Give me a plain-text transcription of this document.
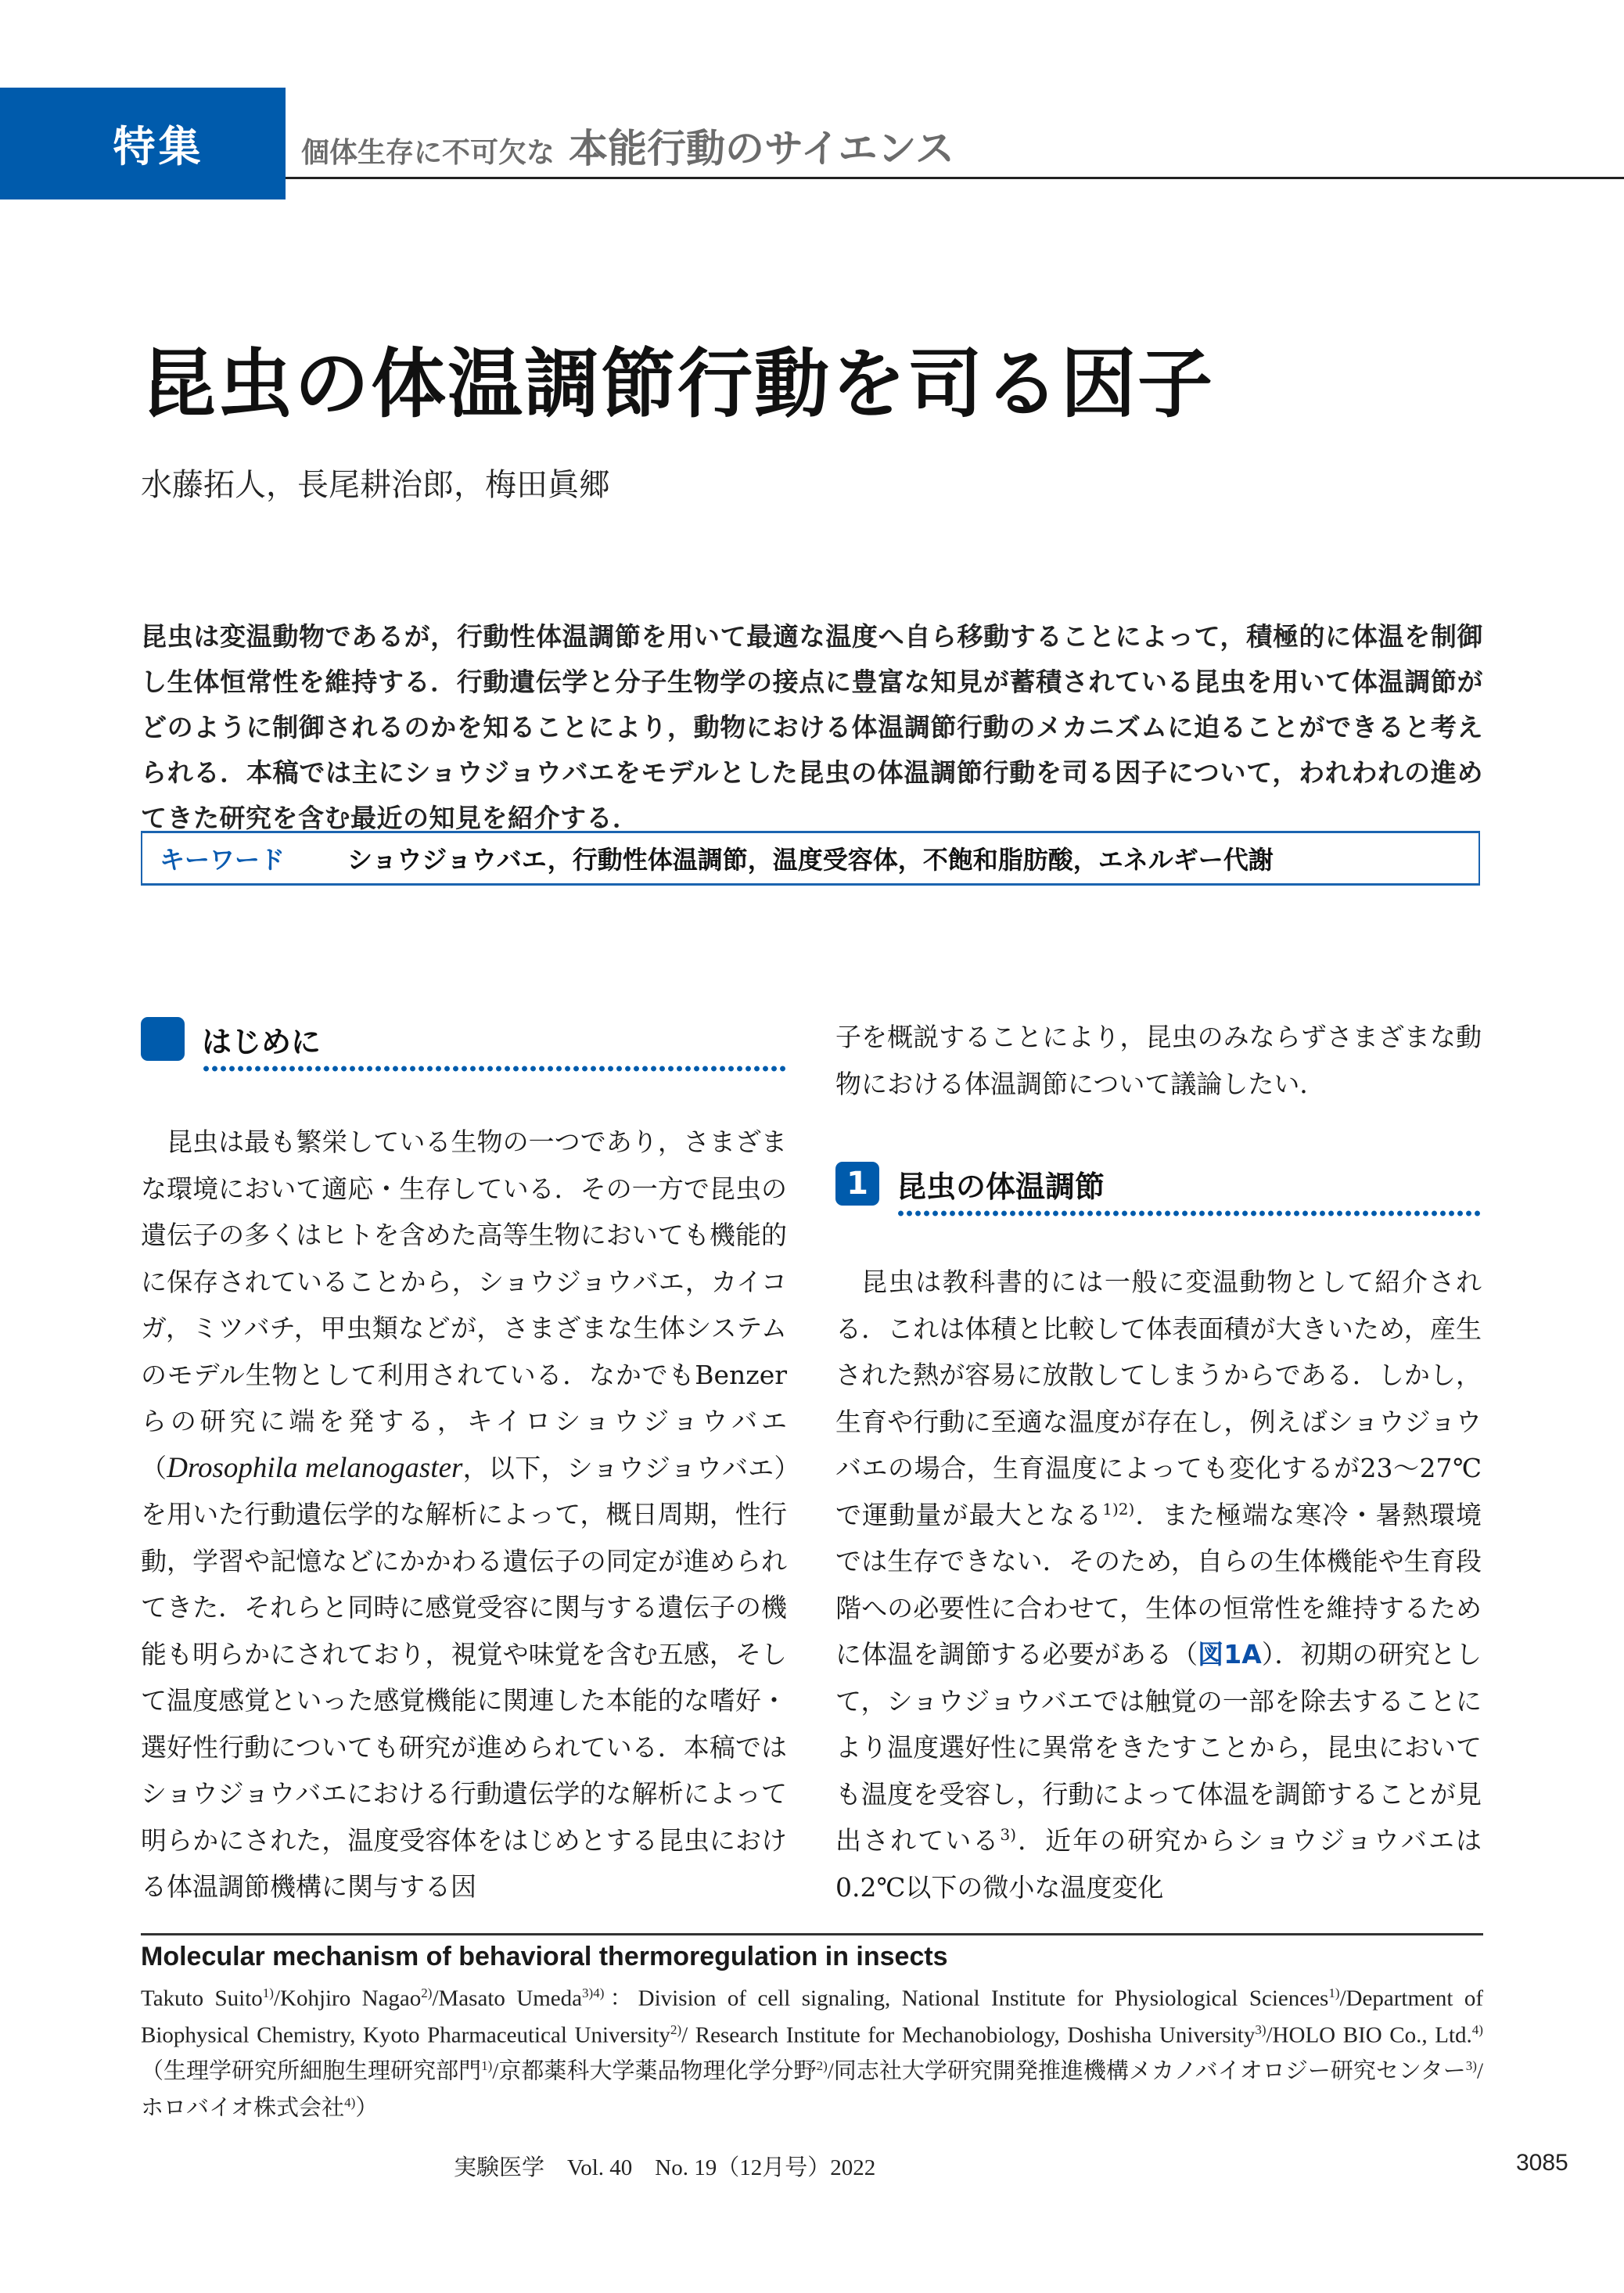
特集	個体生存に不可欠な 本能行動のサイエンス
昆虫の体温調節行動を司る因子
水藤拓人，長尾耕治郎，梅田眞郷
昆虫は変温動物であるが，行動性体温調節を用いて最適な温度へ自ら移動することによって，積極的に体温を制御し生体恒常性を維持する．行動遺伝学と分子生物学の接点に豊富な知見が蓄積されている昆虫を用いて体温調節がどのように制御されるのかを知ることにより，動物における体温調節行動のメカニズムに迫ることができると考えられる．本稿では主にショウジョウバエをモデルとした昆虫の体温調節行動を司る因子について，われわれの進めてきた研究を含む最近の知見を紹介する．
キーワード	ショウジョウバエ ，	行動性体温調節 ，	温度受容体 ，	不飽和脂肪酸 ，	エネルギー代謝
はじめに

昆虫は最も繁栄している生物の一つであり，さまざまな環境において適応・生存している．その一方で昆虫の遺伝子の多くはヒトを含めた高等生物においても機能的に保存されていることから，ショウジョウバエ，カイコガ，ミツバチ，甲虫類などが，さまざまな生体システムのモデル生物として利用されている．なかでもBenzerらの研究に端を発する，キイロショウジョウバエ（Drosophila melanogaster，以下，ショウジョウバエ）を用いた行動遺伝学的な解析によって，概日周期，性行動，学習や記憶などにかかわる遺伝子の同定が進められてきた．それらと同時に感覚受容に関与する遺伝子の機能も明らかにされており，視覚や味覚を含む五感，そして温度感覚といった感覚機能に関連した本能的な嗜好・選好性行動についても研究が進められている．本稿ではショウジョウバエにおける行動遺伝学的な解析によって明らかにされた，温度受容体をはじめとする昆虫における体温調節機構に関与する因

子を概説することにより，昆虫のみならずさまざまな動物における体温調節について議論したい．

1 昆虫の体温調節

昆虫は教科書的には一般に変温動物として紹介される．これは体積と比較して体表面積が大きいため，産生された熱が容易に放散してしまうからである．しかし，生育や行動に至適な温度が存在し，例えばショウジョウバエの場合，生育温度によっても変化するが23～27℃で運動量が最大となる$^{1)2)}$．また極端な寒冷・暑熱環境では生存できない．そのため，自らの生体機能や生育段階への必要性に合わせて，生体の恒常性を維持するために体温を調節する必要がある（図1A）．初期の研究として，ショウジョウバエでは触覚の一部を除去することにより温度選好性に異常をきたすことから，昆虫においても温度を受容し，行動によって体温を調節することが見出されている$^{3)}$．近年の研究からショウジョウバエは0.2℃以下の微小な温度変化

Molecular mechanism of behavioral thermoregulation in insects
Takuto Suito$^{1)}$/Kohjiro Nagao$^{2)}$/Masato Umeda$^{3)4)}$：Division of cell signaling, National Institute for Physiological Sciences$^{1)}$/Department of Biophysical Chemistry, Kyoto Pharmaceutical University$^{2)}$/ Research Institute for Mechanobiology, Doshisha University$^{3)}$/HOLO BIO Co., Ltd.$^{4)}$（生理学研究所細胞生理研究部門$^{1)}$/京都薬科大学薬品物理化学分野$^{2)}$/同志社大学研究開発推進機構メカノバイオロジー研究センター$^{3)}$/ホロバイオ株式会社$^{4)}$）
実験医学　Vol. 40　No. 19（12月号）2022	3085
